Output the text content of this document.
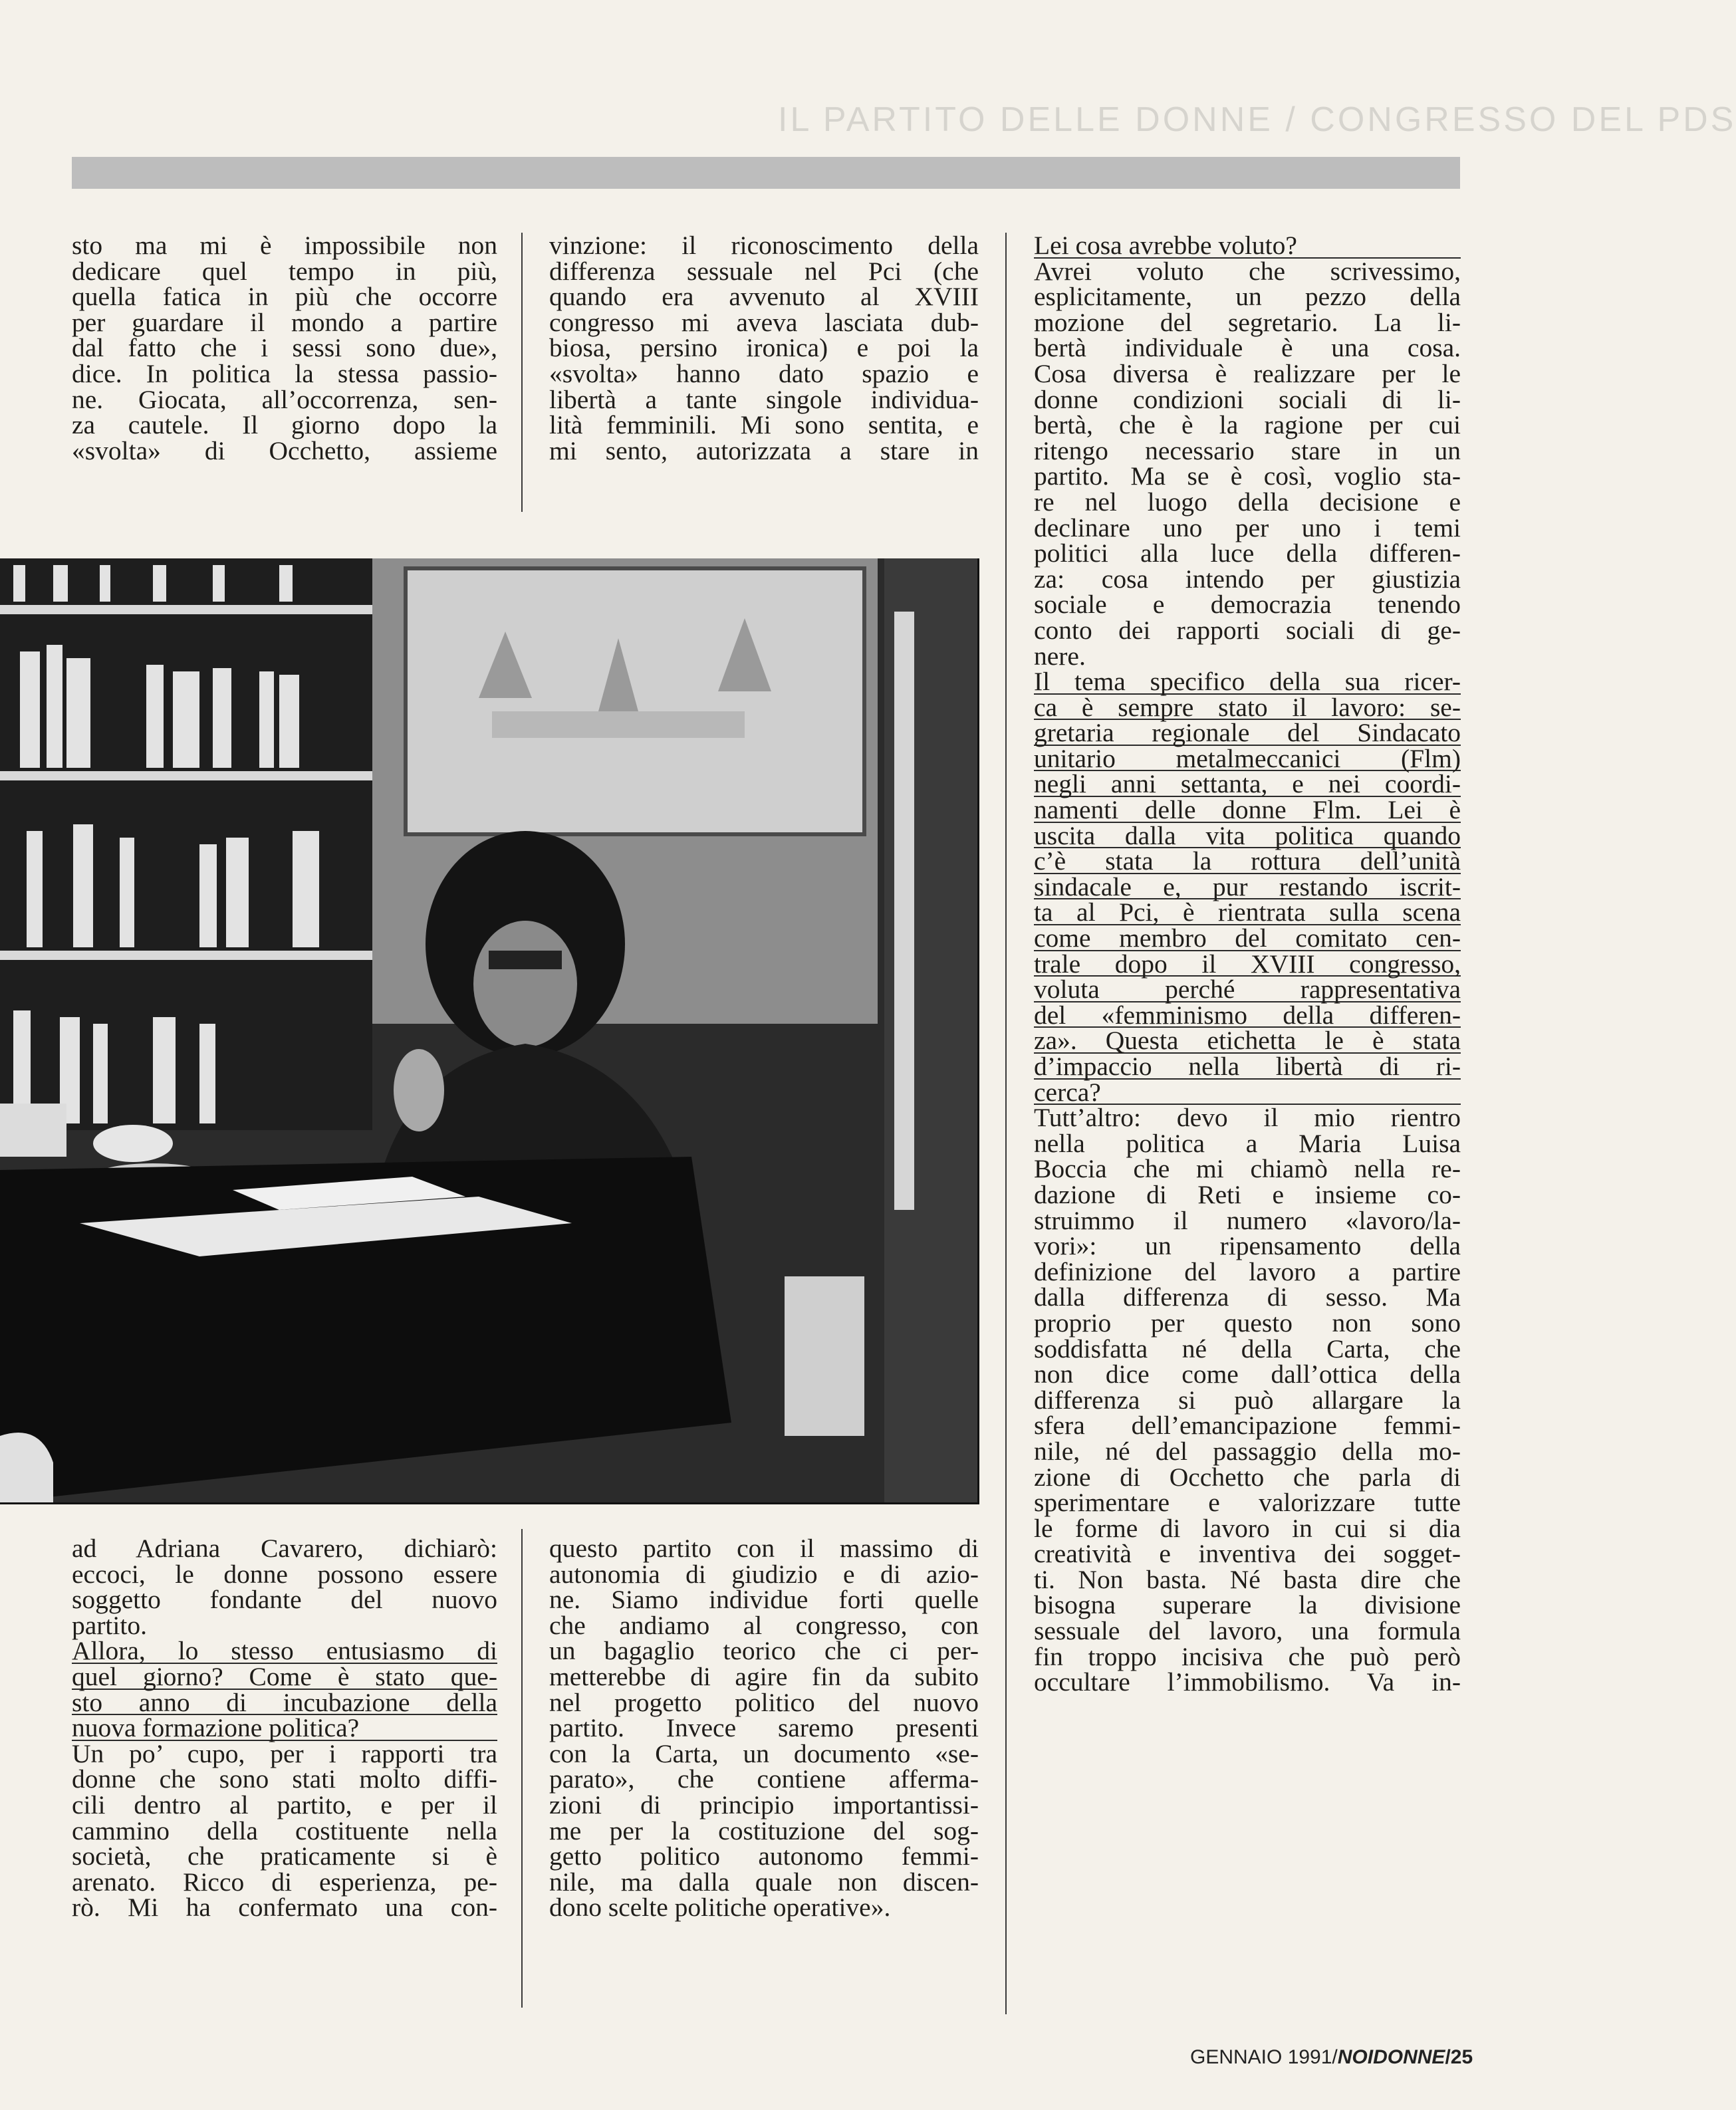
IL PARTITO DELLE DONNE / CONGRESSO DEL PDS
sto ma mi è impossibile non
dedicare quel tempo in più,
quella fatica in più che occorre
per guardare il mondo a partire
dal fatto che i sessi sono due»,
dice. In politica la stessa passio-
ne. Giocata, all’occorrenza, sen-
za cautele. Il giorno dopo la
«svolta» di Occhetto, assieme
vinzione: il riconoscimento della
differenza sessuale nel Pci (che
quando era avvenuto al XVIII
congresso mi aveva lasciata dub-
biosa, persino ironica) e poi la
«svolta» hanno dato spazio e
libertà a tante singole individua-
lità femminili. Mi sono sentita, e
mi sento, autorizzata a stare in
Lei cosa avrebbe voluto?
Avrei voluto che scrivessimo,
esplicitamente, un pezzo della
mozione del segretario. La li-
bertà individuale è una cosa.
Cosa diversa è realizzare per le
donne condizioni sociali di li-
bertà, che è la ragione per cui
ritengo necessario stare in un
partito. Ma se è così, voglio sta-
re nel luogo della decisione e
declinare uno per uno i temi
politici alla luce della differen-
za: cosa intendo per giustizia
sociale e democrazia tenendo
conto dei rapporti sociali di ge-
nere.
Il tema specifico della sua ricer-
ca è sempre stato il lavoro: se-
gretaria regionale del Sindacato
unitario metalmeccanici (Flm)
negli anni settanta, e nei coordi-
namenti delle donne Flm. Lei è
uscita dalla vita politica quando
c’è stata la rottura dell’unità
sindacale e, pur restando iscrit-
ta al Pci, è rientrata sulla scena
come membro del comitato cen-
trale dopo il XVIII congresso,
voluta perché rappresentativa
del «femminismo della differen-
za». Questa etichetta le è stata
d’impaccio nella libertà di ri-
cerca?
Tutt’altro: devo il mio rientro
nella politica a Maria Luisa
Boccia che mi chiamò nella re-
dazione di Reti e insieme co-
struimmo il numero «lavoro/la-
vori»: un ripensamento della
definizione del lavoro a partire
dalla differenza di sesso. Ma
proprio per questo non sono
soddisfatta né della Carta, che
non dice come dall’ottica della
differenza si può allargare la
sfera dell’emancipazione femmi-
nile, né del passaggio della mo-
zione di Occhetto che parla di
sperimentare e valorizzare tutte
le forme di lavoro in cui si dia
creatività e inventiva dei sogget-
ti. Non basta. Né basta dire che
bisogna superare la divisione
sessuale del lavoro, una formula
fin troppo incisiva che può però
occultare l’immobilismo. Va in-
ad Adriana Cavarero, dichiarò:
eccoci, le donne possono essere
soggetto fondante del nuovo
partito.
Allora, lo stesso entusiasmo di
quel giorno? Come è stato que-
sto anno di incubazione della
nuova formazione politica?
Un po’ cupo, per i rapporti tra
donne che sono stati molto diffi-
cili dentro al partito, e per il
cammino della costituente nella
società, che praticamente si è
arenato. Ricco di esperienza, pe-
rò. Mi ha confermato una con-
questo partito con il massimo di
autonomia di giudizio e di azio-
ne. Siamo individue forti quelle
che andiamo al congresso, con
un bagaglio teorico che ci per-
metterebbe di agire fin da subito
nel progetto politico del nuovo
partito. Invece saremo presenti
con la Carta, un documento «se-
parato», che contiene afferma-
zioni di principio importantissi-
me per la costituzione del sog-
getto politico autonomo femmi-
nile, ma dalla quale non discen-
dono scelte politiche operative».
GENNAIO 1991/NOIDONNE/25
